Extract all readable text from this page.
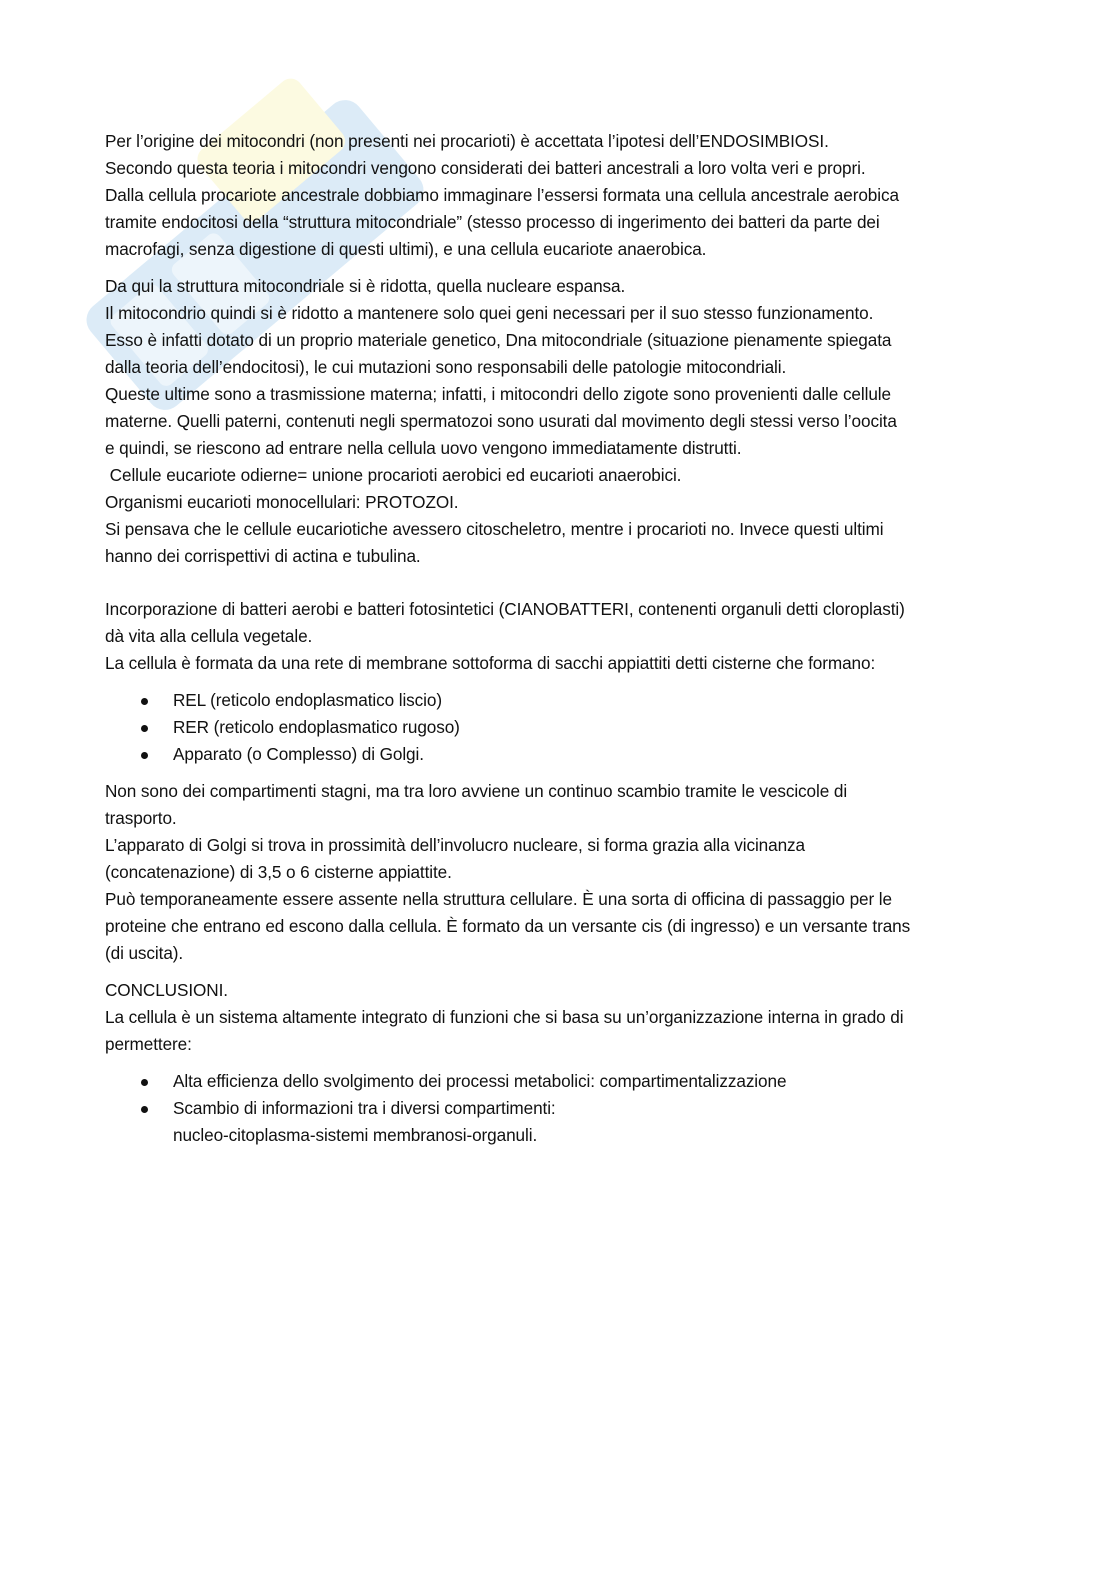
Per l’origine dei mitocondri (non presenti nei procarioti) è accettata l’ipotesi dell’ENDOSIMBIOSI.
Secondo questa teoria i mitocondri vengono considerati dei batteri ancestrali a loro volta veri e propri.
Dalla cellula procariote ancestrale dobbiamo immaginare l’essersi formata una cellula ancestrale aerobica
tramite endocitosi della “struttura mitocondriale” (stesso processo di ingerimento dei batteri da parte dei
macrofagi, senza digestione di questi ultimi), e una cellula eucariote anaerobica.
Da qui la struttura mitocondriale si è ridotta, quella nucleare espansa.
Il mitocondrio quindi si è ridotto a mantenere solo quei geni necessari per il suo stesso funzionamento.
Esso è infatti dotato di un proprio materiale genetico, Dna mitocondriale (situazione pienamente spiegata
dalla teoria dell’endocitosi), le cui mutazioni sono responsabili delle patologie mitocondriali.
Queste ultime sono a trasmissione materna; infatti, i mitocondri dello zigote sono provenienti dalle cellule
materne. Quelli paterni, contenuti negli spermatozoi sono usurati dal movimento degli stessi verso l’oocita
e quindi, se riescono ad entrare nella cellula uovo vengono immediatamente distrutti.
Cellule eucariote odierne= unione procarioti aerobici ed eucarioti anaerobici.
Organismi eucarioti monocellulari: PROTOZOI.
Si pensava che le cellule eucariotiche avessero citoscheletro, mentre i procarioti no. Invece questi ultimi
hanno dei corrispettivi di actina e tubulina.
Incorporazione di batteri aerobi e batteri fotosintetici (CIANOBATTERI, contenenti organuli detti cloroplasti)
dà vita alla cellula vegetale.
La cellula è formata da una rete di membrane sottoforma di sacchi appiattiti detti cisterne che formano:
REL (reticolo endoplasmatico liscio)
RER (reticolo endoplasmatico rugoso)
Apparato (o Complesso) di Golgi.
Non sono dei compartimenti stagni, ma tra loro avviene un continuo scambio tramite le vescicole di
trasporto.
L’apparato di Golgi si trova in prossimità dell’involucro nucleare, si forma grazia alla vicinanza
(concatenazione) di 3,5 o 6 cisterne appiattite.
Può temporaneamente essere assente nella struttura cellulare. È una sorta di officina di passaggio per le
proteine che entrano ed escono dalla cellula. È formato da un versante cis (di ingresso) e un versante trans
(di uscita).
CONCLUSIONI.
La cellula è un sistema altamente integrato di funzioni che si basa su un’organizzazione interna in grado di
permettere:
Alta efficienza dello svolgimento dei processi metabolici: compartimentalizzazione
Scambio di informazioni tra i diversi compartimenti:
nucleo-citoplasma-sistemi membranosi-organuli.
